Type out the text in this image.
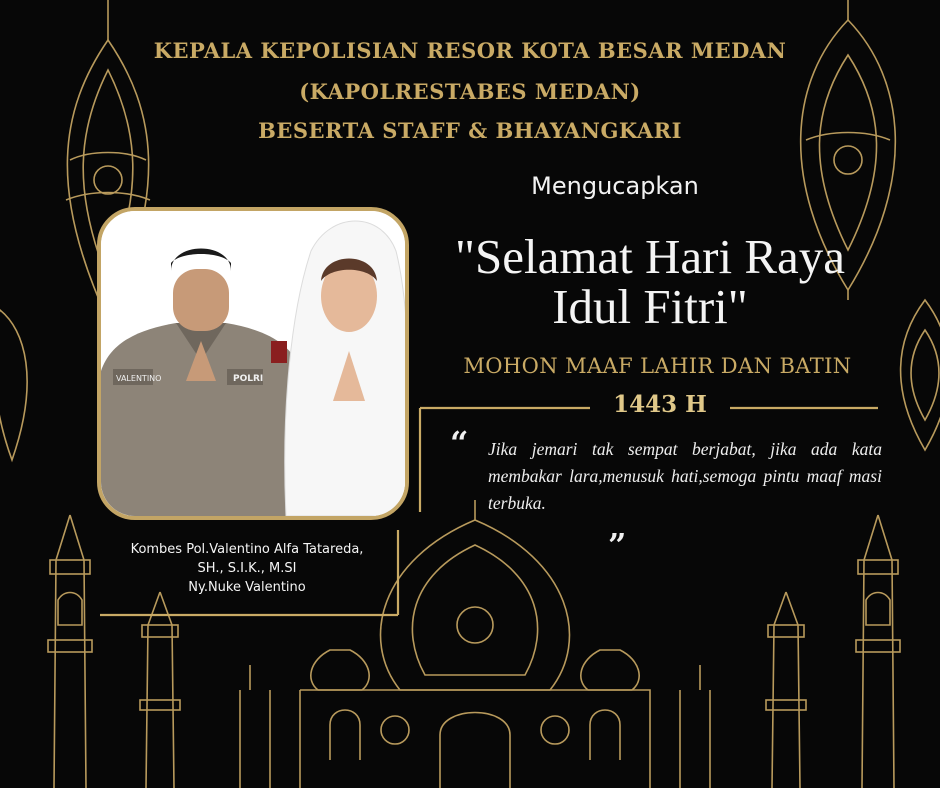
KEPALA KEPOLISIAN RESOR KOTA BESAR MEDAN
(KAPOLRESTABES MEDAN)
BESERTA STAFF & BHAYANGKARI
Mengucapkan
"Selamat Hari Raya
Idul Fitri"
MOHON MAAF LAHIR DAN BATIN
1443 H
“ Jika jemari tak sempat berjabat, jika ada kata membakar lara,menusuk hati,semoga pintu maaf masi terbuka.
”
VALENTINO	POLRI
Kombes Pol.Valentino Alfa Tatareda,
SH., S.I.K., M.SI
Ny.Nuke Valentino
